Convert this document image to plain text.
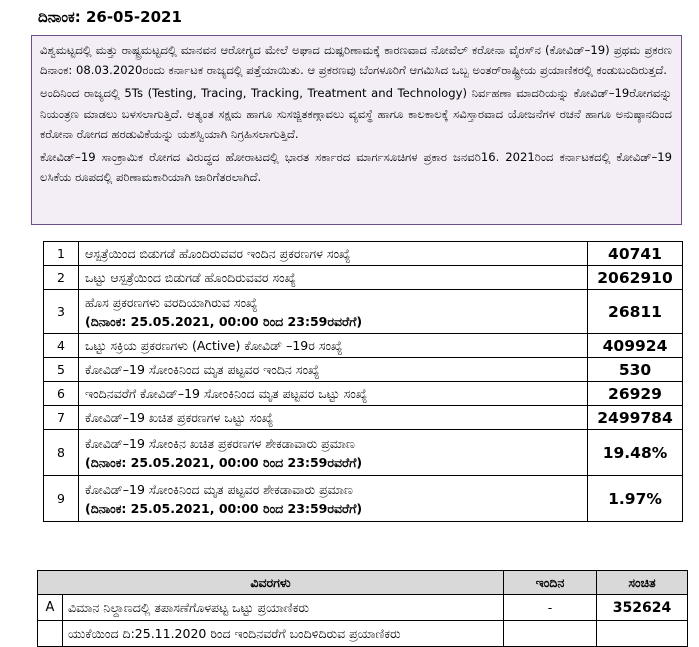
ದಿನಾಂಕ: 26-05-2021

ವಿಶ್ವಮಟ್ಟದಲ್ಲಿ ಮತ್ತು ರಾಷ್ಟ್ರಮಟ್ಟದಲ್ಲಿ ಮಾನವನ ಆರೋಗ್ಯದ ಮೇಲೆ ಅಘಾದ ದುಷ್ಪರಿಣಾಮಕ್ಕೆ ಕಾರಣವಾದ ನೋವೆಲ್ ಕರೋನಾ ವೈರಸ್‌ನ (ಕೋವಿಡ್–19) ಪ್ರಥಮ ಪ್ರಕರಣ ದಿನಾಂಕ: 08.03.2020ರಂದು ಕರ್ನಾಟಕ ರಾಜ್ಯದಲ್ಲಿ ಪತ್ತೆಯಾಯಿತು. ಆ ಪ್ರಕರಣವು ಬೆಂಗಳೂರಿಗೆ ಆಗಮಿಸಿದ ಒಬ್ಬ ಅಂತರ್‌ರಾಷ್ಟ್ರೀಯ ಪ್ರಯಾಣಿಕರಲ್ಲಿ ಕಂಡುಬಂದಿರುತ್ತದೆ.

ಅಂದಿನಿಂದ ರಾಜ್ಯದಲ್ಲಿ 5Ts (Testing, Tracing, Tracking, Treatment and Technology) ನಿರ್ವಹಣಾ ಮಾದರಿಯನ್ನು ಕೋವಿಡ್–19ರೋಗವನ್ನು ನಿಯಂತ್ರಣ ಮಾಡಲು ಬಳಸಲಾಗುತ್ತಿದೆ. ಅತ್ಯಂತ ಸಕ್ಷಮ ಹಾಗೂ ಸುಸಜ್ಜಿತಕಣ್ಗಾವಲು ವ್ಯವಸ್ಥೆ ಹಾಗೂ ಕಾಲಕಾಲಕ್ಕೆ ಸವಿಸ್ತಾರವಾದ ಯೋಜನೆಗಳ ರಚನೆ ಹಾಗೂ ಅನುಷ್ಠಾನದಿಂದ ಕರೋನಾ ರೋಗದ ಹರಡುವಿಕೆಯನ್ನು ಯಶಸ್ವಿಯಾಗಿ ನಿಗ್ರಹಿಸಲಾಗುತ್ತಿದೆ.

ಕೋವಿಡ್–19 ಸಾಂಕ್ರಾಮಿಕ ರೋಗದ ವಿರುದ್ಧದ ಹೋರಾಟದಲ್ಲಿ ಭಾರತ ಸರ್ಕಾರದ ಮಾರ್ಗಸೂಚಿಗಳ ಪ್ರಕಾರ ಜನವರಿ16. 2021ರಿಂದ ಕರ್ನಾಟಕದಲ್ಲಿ ಕೋವಿಡ್–19 ಲಸಿಕೆಯ ರೂಪದಲ್ಲಿ ಪರಿಣಾಮಕಾರಿಯಾಗಿ ಜಾರಿಗೆತರಲಾಗಿದೆ.

1	ಆಸ್ಪತ್ರೆಯಿಂದ ಬಿಡುಗಡೆ ಹೊಂದಿರುವವರ ಇಂದಿನ ಪ್ರಕರಣಗಳ ಸಂಖ್ಯೆ	40741
2	ಒಟ್ಟು ಆಸ್ಪತ್ರೆಯಿಂದ ಬಿಡುಗಡೆ ಹೊಂದಿರುವವರ ಸಂಖ್ಯೆ	2062910
3	ಹೊಸ ಪ್ರಕರಣಗಳು ವರದಿಯಾಗಿರುವ ಸಂಖ್ಯೆ
(ದಿನಾಂಕ: 25.05.2021, 00:00 ರಿಂದ 23:59ರವರೆಗೆ)	26811
4	ಒಟ್ಟು ಸಕ್ರಿಯ ಪ್ರಕರಣಗಳು (Active) ಕೋವಿಡ್ –19ರ ಸಂಖ್ಯೆ	409924
5	ಕೋವಿಡ್–19 ಸೋಂಕಿನಿಂದ ಮೃತ ಪಟ್ಟವರ ಇಂದಿನ ಸಂಖ್ಯೆ	530
6	ಇಂದಿನವರೆಗೆ ಕೋವಿಡ್–19 ಸೋಂಕಿನಿಂದ ಮೃತ ಪಟ್ಟವರ ಒಟ್ಟು ಸಂಖ್ಯೆ	26929
7	ಕೋವಿಡ್–19 ಖಚಿತ ಪ್ರಕರಣಗಳ ಒಟ್ಟು ಸಂಖ್ಯೆ	2499784
8	ಕೋವಿಡ್–19 ಸೋಂಕಿನ ಖಚಿತ ಪ್ರಕರಣಗಳ ಶೇಕಡಾವಾರು ಪ್ರಮಾಣ
(ದಿನಾಂಕ: 25.05.2021, 00:00 ರಿಂದ 23:59ರವರೆಗೆ)	19.48%
9	ಕೋವಿಡ್–19 ಸೋಂಕಿನಿಂದ ಮೃತ ಪಟ್ಟವರ ಶೇಕಡಾವಾರು ಪ್ರಮಾಣ
(ದಿನಾಂಕ: 25.05.2021, 00:00 ರಿಂದ 23:59ರವರೆಗೆ)	1.97%
ವಿವರಗಳು		ಇಂದಿನ	ಸಂಚಿತ
A	ವಿಮಾನ ನಿಲ್ದಾಣದಲ್ಲಿ ತಪಾಸಣೆಗೊಳಪಟ್ಟ ಒಟ್ಟು ಪ್ರಯಾಣಿಕರು	-	352624
	ಯುಕೆಯಿಂದ ದಿ:25.11.2020 ರಿಂದ ಇಂದಿನವರೆಗೆ ಬಂದಿಳಿದಿರುವ ಪ್ರಯಾಣಿಕರು		
